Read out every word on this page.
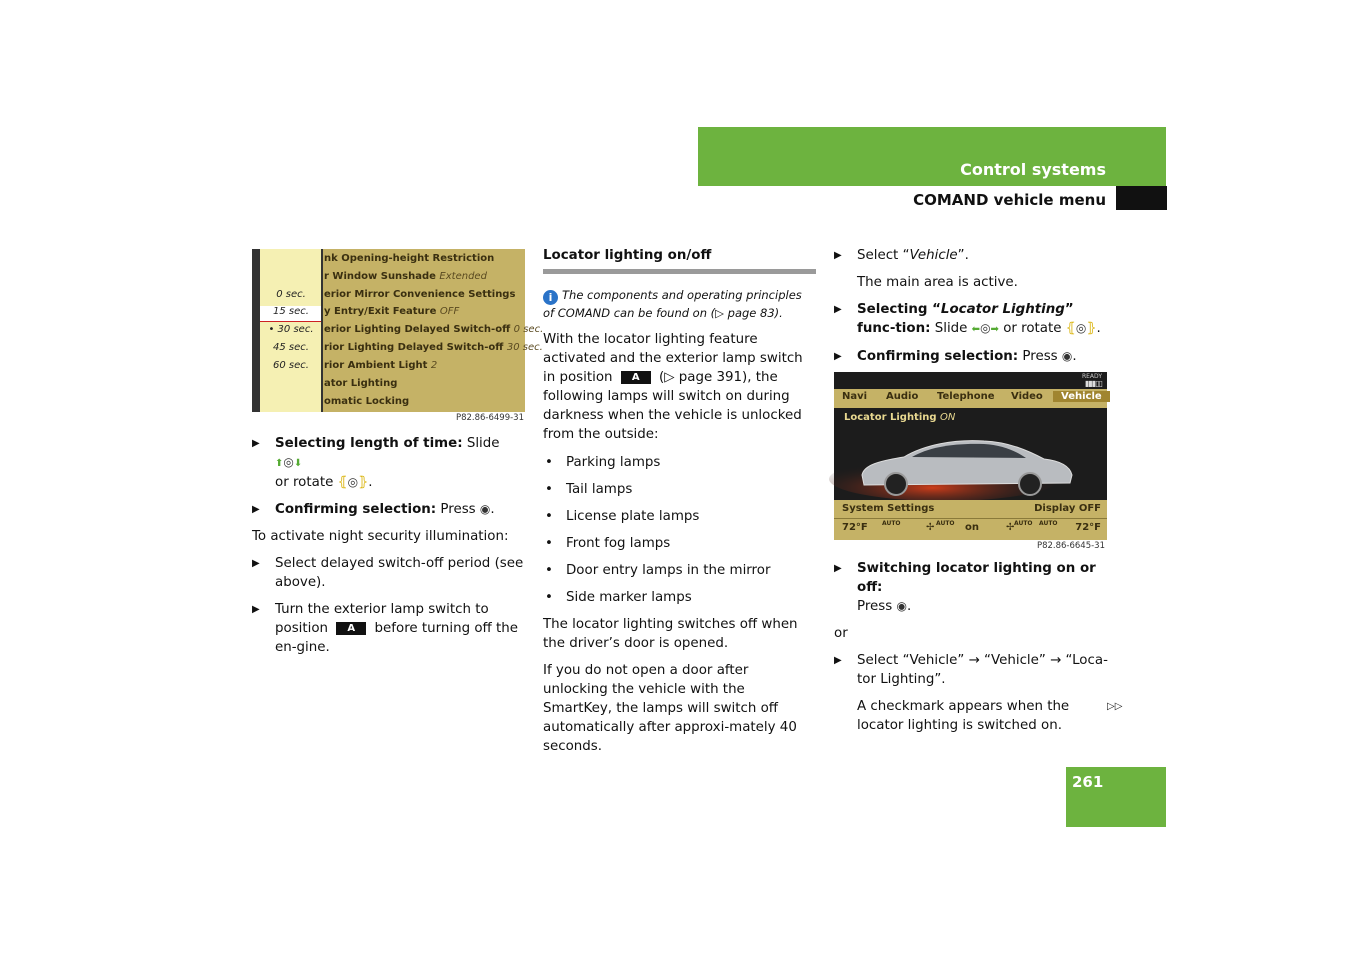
Control systems
COMAND vehicle menu
0 sec.
15 sec.
• 30 sec.
45 sec.
60 sec.
nk Opening-height Restriction
r Window Sunshade Extended
erior Mirror Convenience Settings
y Entry/Exit Feature OFF
erior Lighting Delayed Switch-off 0 sec.
rior Lighting Delayed Switch-off 30 sec.
rior Ambient Light 2
ator Lighting
omatic Locking
P82.86-6499-31

▶ Selecting length of time: Slide ⬆◎⬇
or rotate ⦃◎⦄.

▶ Confirming selection: Press ◉.

To activate night security illumination:

▶ Select delayed switch-off period (see above).

▶ Turn the exterior lamp switch to position A before turning off the en-gine.

Locator lighting on/off

i The components and operating principles of COMAND can be found on (▷ page 83).

With the locator lighting feature activated and the exterior lamp switch in position A (▷ page 391), the following lamps will switch on during darkness when the vehicle is unlocked from the outside:

• Parking lamps

• Tail lamps

• License plate lamps

• Front fog lamps

• Door entry lamps in the mirror

• Side marker lamps

The locator lighting switches off when the driver’s door is opened.

If you do not open a door after unlocking the vehicle with the SmartKey, the lamps will switch off automatically after approxi-mately 40 seconds.

▶ Select “Vehicle”.

The main area is active.

▶ Selecting “Locator Lighting” func-tion: Slide ⬅◎➡ or rotate ⦃◎⦄.

▶ Confirming selection: Press ◉.

READY
▮▮▮▯▯
Navi Audio Telephone Video	Vehicle
Locator Lighting ON
System Settings	Display OFF
72°F AUTO	✢ AUTO on	✢ AUTO AUTO 72°F
P82.86-6645-31

▶ Switching locator lighting on or off:
Press ◉.

or

▶ Select “Vehicle” → “Vehicle” → “Loca-tor Lighting”.

A checkmark appears when the locator lighting is switched on.

▷▷
261
